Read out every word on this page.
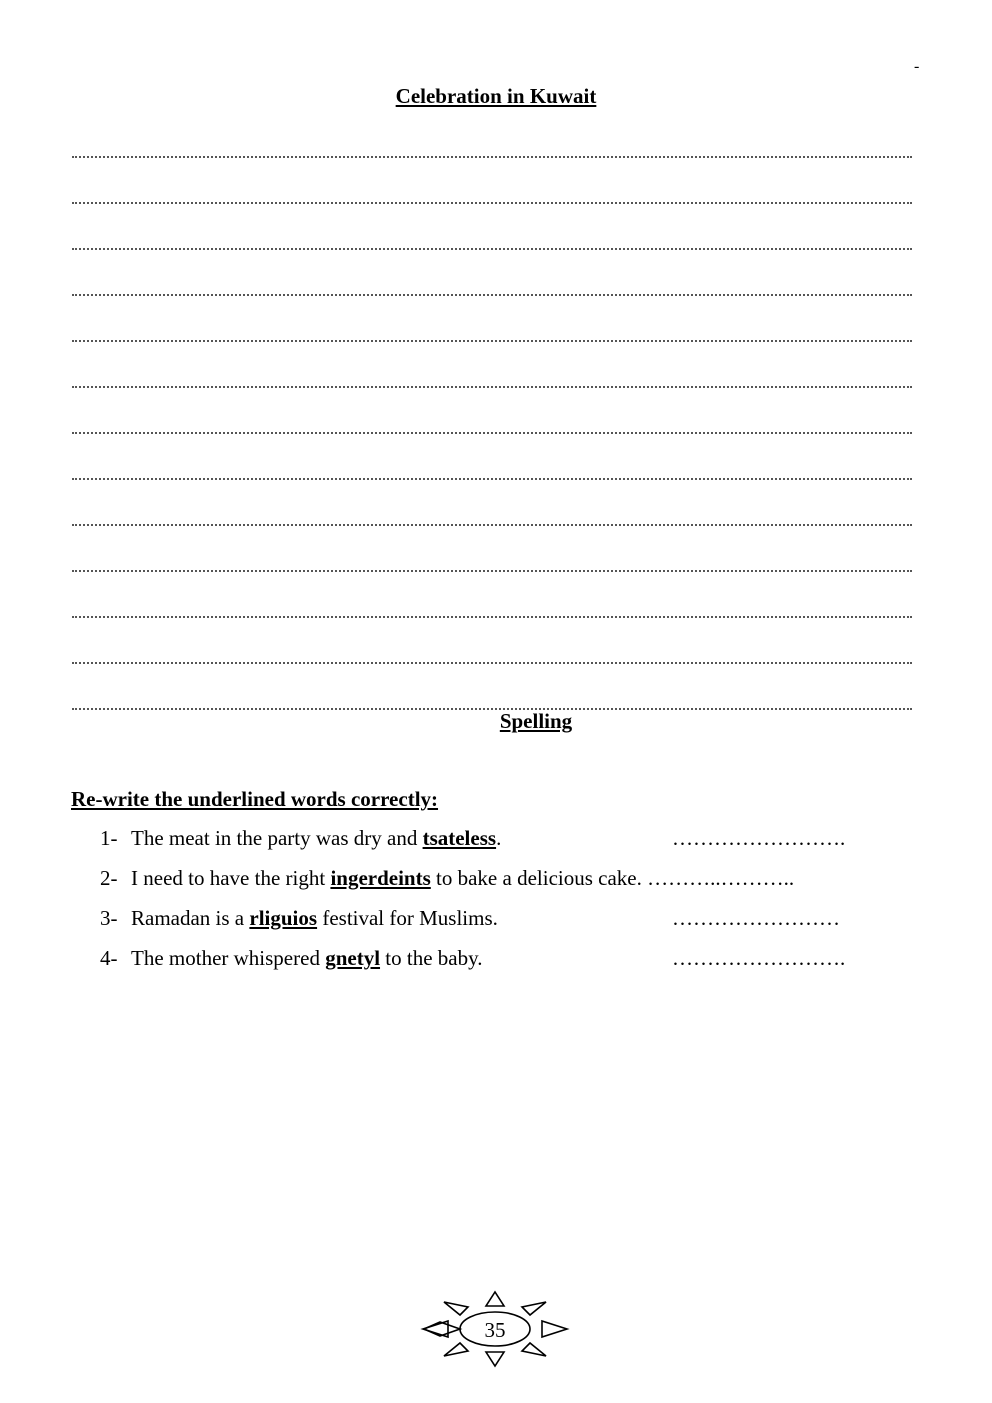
-
Celebration in Kuwait
Spelling
Re-write the underlined words correctly:
1- The meat in the party was dry and tsateless.	…………………….
2- I need to have the right ingerdeints to bake a delicious cake. ………..………..
3- Ramadan is a rliguios festival for Muslims.	……………………
4- The mother whispered gnetyl to the baby.	…………………….
35
